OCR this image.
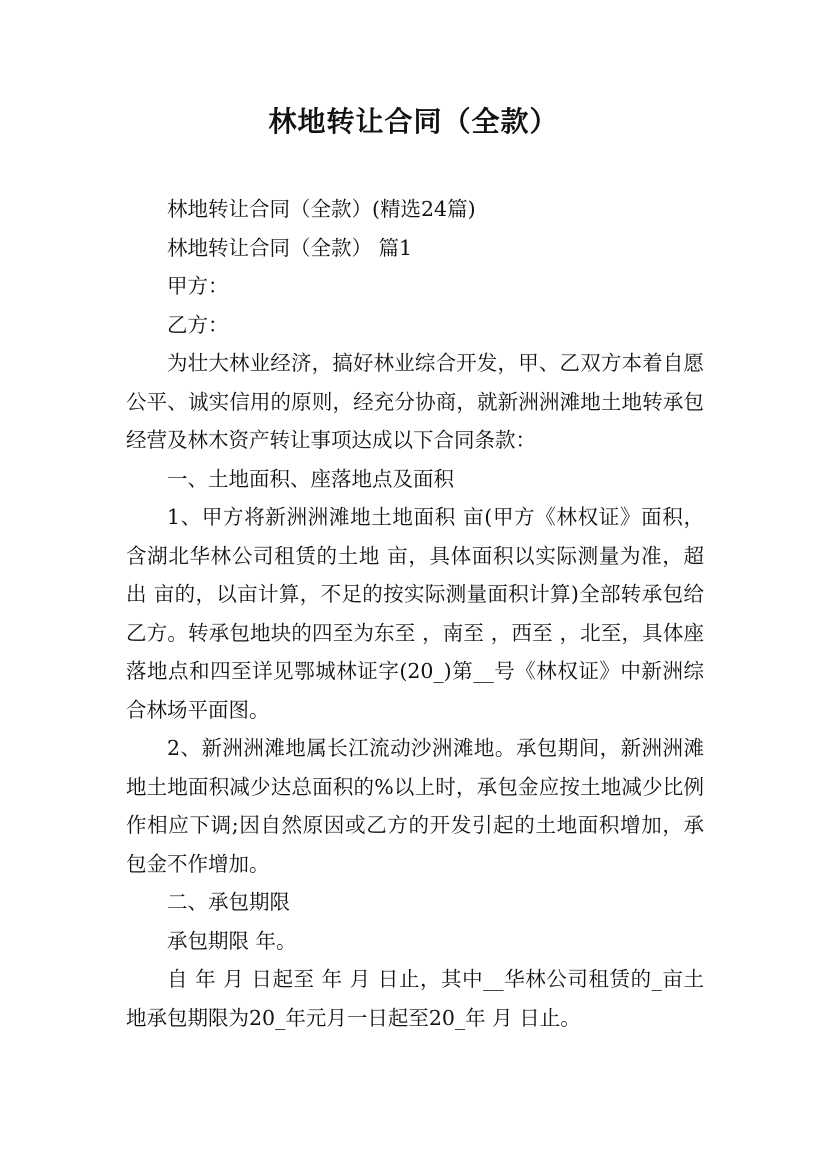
林地转让合同（全款）

林地转让合同（全款）(精选24篇)

林地转让合同（全款） 篇1

甲方：

乙方：

为壮大林业经济，搞好林业综合开发，甲、乙双方本着自愿公平、诚实信用的原则，经充分协商，就新洲洲滩地土地转承包经营及林木资产转让事项达成以下合同条款：

一、土地面积、座落地点及面积

1、甲方将新洲洲滩地土地面积 亩(甲方《林权证》面积，含湖北华林公司租赁的土地 亩，具体面积以实际测量为准，超出 亩的，以亩计算，不足的按实际测量面积计算)全部转承包给乙方。转承包地块的四至为东至 ，南至 ，西至 ，北至，具体座落地点和四至详见鄂城林证字(20_)第__号《林权证》中新洲综合林场平面图。

2、新洲洲滩地属长江流动沙洲滩地。承包期间，新洲洲滩地土地面积减少达总面积的%以上时，承包金应按土地减少比例作相应下调;因自然原因或乙方的开发引起的土地面积增加，承包金不作增加。

二、承包期限

承包期限 年。

自 年 月 日起至 年 月 日止，其中__华林公司租赁的_亩土地承包期限为20_年元月一日起至20_年 月 日止。
